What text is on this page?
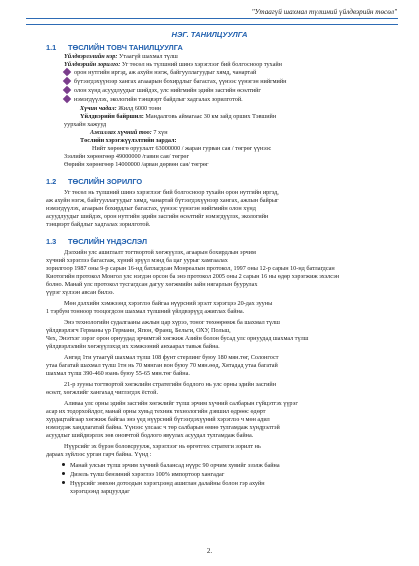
"Утаагүй шахмал түлшний үйлдвэрийн төсөл"
НЭГ. ТАНИЛЦУУЛГА
1.1 ТӨСЛИЙН ТОВЧ ТАНИЛЦУУЛГА
Үйлдвэрлэлийн нэр: Утаагүй шахмал түлш
Үйлдвэрийн зорилго: Уг төсөл нь түлшний шинэ хэрэглээг бий болгосноор тухайн
орон нутгийн иргэд, аж ахуйн нэгж, байгууллагуудыг хямд, чанартай
бүтээгдэхүүнээр хангах агааарын бохирдлыг багасгах, үүнээс үүнэгэн нийгмийн
олон хүнд асуудлуудыг шийдэх, улс нийгмийн эдийн засгийн өсөлтийг
нэмэгдүүлэх, экологийн тэнцвэрт байдлыг хадгалах зорилготой.
Хүчин чадал: Жилд 6000 тонн
Үйлдвэрийн байршил: Мандалговь аймагаас 30 км зайд орших Тэвшийн
уурхайн хажууд
Ажиллах хүчний тоо: 7 хүн
Төслийн хэрэгжүүлэлтийн зардал:
Нийт хөрөнгө оруулалт 63000000 / жаран гурван сая / төгрөг үүнээс
Зээлийн хөрөнгөөр 49000000 /гавин сая/ төгрөг
Өөрийн хөрөнгөөр 14000000 /арван дөрвөн сая/ төгрөг
1.2 ТӨСЛИЙН ЗОРИЛГО
Уг төсөл нь түлшний шинэ хэрэглээг бий болгосноор тухайн орон нутгийн иргэд,
аж ахуйн нэгж, байгууллагуудыг хямд, чанартай бүтээгдэхүүнээр хангах, ажлын байрыг
нэмэгдүүлэх, агаарын бохирдлыг багасгах, үүнээс үүнэгэн нийгмийн олон хүнд
асуудлуудыг шийдэх, орон нутгийн эдийн засгийн өсөлтийг нэмэгдүүлэх, экологийн
тэнцвэрт байдлыг хадгалах зорилготой.
1.3 ТӨСЛИЙН ҮНДЭСЛЭЛ
Дэлхийн улс ашиглалт тогтвортой хөгжүүлэх, агаарын бохирдлын эрчим
хүчний хэрэглээ багасгаж, хүний эрүүл мэнд ба цаг уурыг хамгаалах
зорилгоор 1987 оны 9-р сарын 16-нд батлагдсан Монреалын протокол, 1997 оны 12-р сарын 10-нд батлагдсан
Киотогийн протокол Монгол улс нэгдэн орсон ба энэ протокол 2005 оны 2 сарын 16 ны өдөр хэрэгжиж эхэлсэн
болно. Манай улс протокол тусгагдсан дагуу хөгжмийн зайн нягарлын буурулах
үүрэг хүлээн авсан билээ.
Мөн дэлхийн хэмжээнд хэрэглээ байгаа нүүрсний эрэлт хэрэгцээ 20-дах зууны
1 тэрбум тонноор тооцогдсон шахмал түлшний үйлдвэрүүд ажиглах байна.
Энэ технологийн судалгааны ажлын цар хүрээ, тоног төхөөрөмж ба шахмал түлш
үйлдвэрлэгч Германы үр Германн, Япон, Франц, Бельги, ОХУ, Польш,
Чех, Энэтхэг зэрэг орон орнуудад эрчимтэй хөгжиж Азийн болон бусад улс орнуудад шахмал түлш
үйлдвэрлэлийн хөгжүүлэхэд их хэмжээний анхаарал тавьж байна.
Ангид 1ти утаагүй шахмал түлш 108 фунт стерлинг буюу 180 мян.төг, Солонгост
утаа багатай шахмал түлш 1тн нь 70 мянган вон буюу 70 мян.өөд, Хятадад утаа багатай
шахмал түлш 390-460 юань буюу 55-65 мян.төг байна.
21-р зууны тогтвортой хөгжлийн стратегийн бодлого нь улс орны эдийн засгийн
өсөлт, хөгжлийг хангахад чиглэгдэх ёстой.
Аливаа улс орны эдийн засгийн хөгжлийг түлш эрчим хүчний салбарын гүйцэтгэх үүрэг
асар их тодорхойлдог, манай орны хувьд техник технологийн дэвшил өдрөөс өдөрт
хурдацтайгаар хөгжиж байгаа энэ үед нүүрсний бүтээгдэхүүний хэрэглээ ч мөн адил
нэмэгдэж хандлагатай байна. Үүнээс улсаас ч төр салбарын өмнө тулгамдаж хүндрэлтэй
асуудлыг шийдвэрлэх зөв оновчтой бодлого явуулах асуудал тулгамдаж байна.
Нүүрсийг эх бүрэн боловсруулж, хэрэглээг нь өргөтгөх стратеги зорилт нь
дараах зүйлээс урган гарч байна. Үүнд :
Манай улсын түлш эрчим хүчний балансад нүүрс 90 орчим хувийг эзэлж байна
Дизель түлш бензиний хэрэглээ 100% импортоор хангадаг
Нүүрсийг зөвхөн дотоодын хэрэгцээнд ашиглан далайны болон гэр ахуйн
хэрэгцээнд зарцуулдаг
2.
